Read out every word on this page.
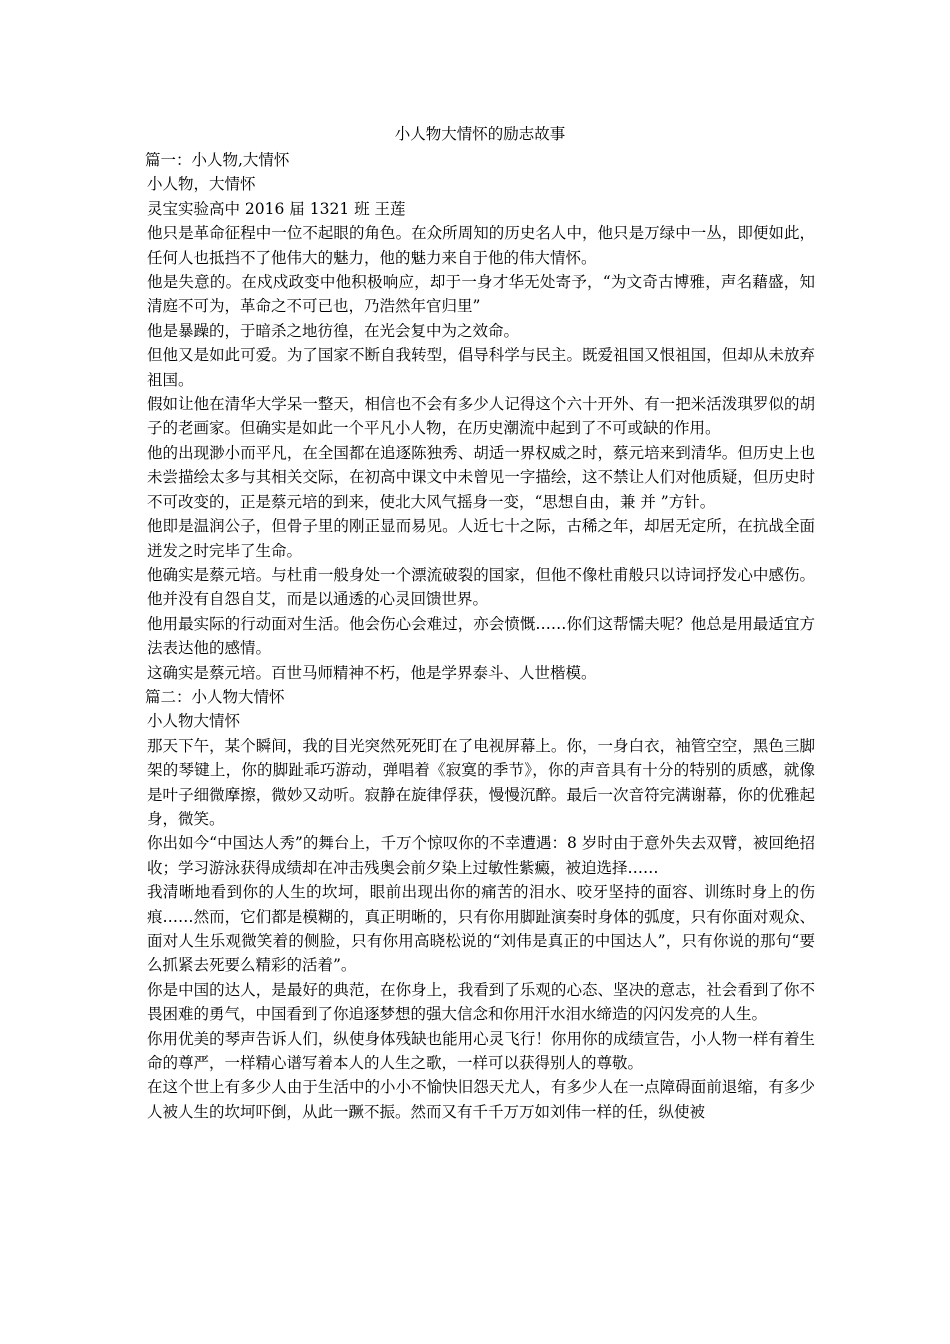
小人物大情怀的励志故事
篇一：小人物,大情怀
小人物，大情怀
灵宝实验高中 2016 届 1321 班 王莲
他只是革命征程中一位不起眼的角色。在众所周知的历史名人中，他只是万绿中一丛，即便如此，任何人也抵挡不了他伟大的魅力，他的魅力来自于他的伟大情怀。
他是失意的。在戍戍政变中他积极响应，却于一身才华无处寄予，“为文奇古博雅，声名藉盛，知清庭不可为，革命之不可已也，乃浩然年官归里”
他是暴躁的，于暗杀之地彷徨，在光会复中为之效命。
但他又是如此可爱。为了国家不断自我转型，倡导科学与民主。既爱祖国又恨祖国，但却从未放弃祖国。
假如让他在清华大学呆一整天，相信也不会有多少人记得这个六十开外、有一把米活泼琪罗似的胡子的老画家。但确实是如此一个平凡小人物，在历史潮流中起到了不可或缺的作用。
他的出现渺小而平凡，在全国都在追逐陈独秀、胡适一界权威之时，蔡元培来到清华。但历史上也未尝描绘太多与其相关交际，在初高中课文中未曾见一字描绘，这不禁让人们对他质疑，但历史时不可改变的，正是蔡元培的到来，使北大风气摇身一变，“思想自由，兼 并 ”方针。
他即是温润公子，但骨子里的刚正显而易见。人近七十之际，古稀之年，却居无定所，在抗战全面迸发之时完毕了生命。
他确实是蔡元培。与杜甫一般身处一个漂流破裂的国家，但他不像杜甫般只以诗词抒发心中感伤。他并没有自怨自艾，而是以通透的心灵回馈世界。
他用最实际的行动面对生活。他会伤心会难过，亦会愤慨……你们这帮懦夫呢？他总是用最适宜方法表达他的感情。
这确实是蔡元培。百世马师精神不朽，他是学界泰斗、人世楷模。
篇二：小人物大情怀
小人物大情怀
那天下午，某个瞬间，我的目光突然死死盯在了电视屏幕上。你，一身白衣，袖管空空，黑色三脚架的琴键上，你的脚趾乖巧游动，弹唱着《寂寞的季节》，你的声音具有十分的特别的质感，就像是叶子细微摩擦，微妙又动听。寂静在旋律俘获，慢慢沉醉。最后一次音符完满谢幕，你的优雅起身，微笑。
你出如今“中国达人秀”的舞台上，千万个惊叹你的不幸遭遇：8 岁时由于意外失去双臂，被回绝招收；学习游泳获得成绩却在冲击残奥会前夕染上过敏性紫癜，被迫选择……
我清晰地看到你的人生的坎坷，眼前出现出你的痛苦的泪水、咬牙坚持的面容、训练时身上的伤痕……然而，它们都是模糊的，真正明晰的，只有你用脚趾演奏时身体的弧度，只有你面对观众、面对人生乐观微笑着的侧脸，只有你用高晓松说的“刘伟是真正的中国达人”，只有你说的那句“要么抓紧去死要么精彩的活着”。
你是中国的达人，是最好的典范，在你身上，我看到了乐观的心态、坚决的意志，社会看到了你不畏困难的勇气，中国看到了你追逐梦想的强大信念和你用汗水泪水缔造的闪闪发亮的人生。
你用优美的琴声告诉人们，纵使身体残缺也能用心灵飞行！你用你的成绩宣告，小人物一样有着生命的尊严，一样精心谱写着本人的人生之歌，一样可以获得别人的尊敬。
在这个世上有多少人由于生活中的小小不愉快旧怨天尤人，有多少人在一点障碍面前退缩，有多少人被人生的坎坷吓倒，从此一蹶不振。然而又有千千万万如刘伟一样的任，纵使被
